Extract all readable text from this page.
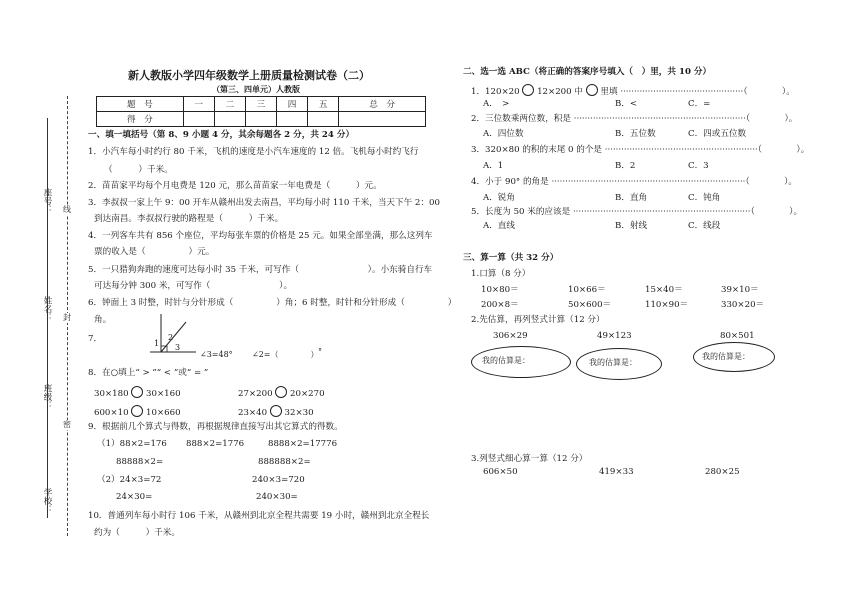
座号：
姓名：
班级：
学校：
线
封
密
新人教版小学四年级数学上册质量检测试卷（二）
（第三、四单元）人教版
题　号	一	二	三	四	五	总　分
得　分						
一、填一填括号（第 8、9 小题 4 分，其余每题各 2 分，共 24 分）
1．小汽车每小时约行 80 千米，飞机的速度是小汽车速度的 12 倍。飞机每小时约飞行
（　　　）千米。
2．苗苗家平均每个月电费是 120 元，那么苗苗家一年电费是（　　　）元。
3．李叔叔一家上午 9：00 开车从赣州出发去南昌，平均每小时 110 千米，当天下午 2：00
到达南昌。李叔叔行驶的路程是（　　　）千米。
4．一列客车共有 856 个座位，平均每张车票的价格是 25 元。如果全部坐满，那么这列车
票的收入是（　　　　　）元。
5．一只猎狗奔跑的速度可达每小时 35 千米，可写作（　　　　　　　　）。小东骑自行车
可达每分钟 300 米，可写作（　　　　　　　　）。
6．钟面上 3 时整，时针与分针形成（　　　　　）角；6 时整，时针和分针形成（　　　　　）
角。
7．	1
2
3
∠3=48° ∠2=（　　　　） °
8．在○填上“ > ”“ < ”或“ = ”
30×180 30×160	27×200 20×270
600×10 10×660	23×40 32×30
9．根据前几个算式与得数，再根据规律直接写出其它算式的得数。
（1）88×2=176 888×2=1776	8888×2=17776
88888×2=	888888×2=
（2）24×3=72	240×3=720
24×30=	240×30=
10．普通列车每小时行 106 千米，从赣州到北京全程共需要 19 小时，赣州到北京全程长
约为（　　　）千米。
二、选一选 ABC（将正确的答案序号填入（　）里，共 10 分）
1．120×20 12×200 中 里填 ·············································（　　　　）。
A．　>	B．<	C．=
2．三位数乘两位数，积是 ·······························································（　　　　）。
A．四位数	B．五位数	C．四或五位数
3．320×80 的积的末尾 0 的个是 ························································（　　　　）。
A．1	B．2	C．3
4．小于 90° 的角是 ·······································································（　　　　）。
A．锐角	B．直角	C．钝角
5．长度为 50 米的应该是 ·································································（　　　　）。
A．直线	B．射线	C．线段
三、算一算（共 32 分）
1.口算（8 分）
10×80＝	10×66＝	15×40＝	39×10＝
200×8＝	50×600＝	110×90＝	330×20＝
2.先估算，再列竖式计算（12 分）
306×29	49×123	80×501
我的估算是：	我的估算是：
我的估算是：
3.列竖式细心算一算（12 分）
606×50	419×33	280×25
